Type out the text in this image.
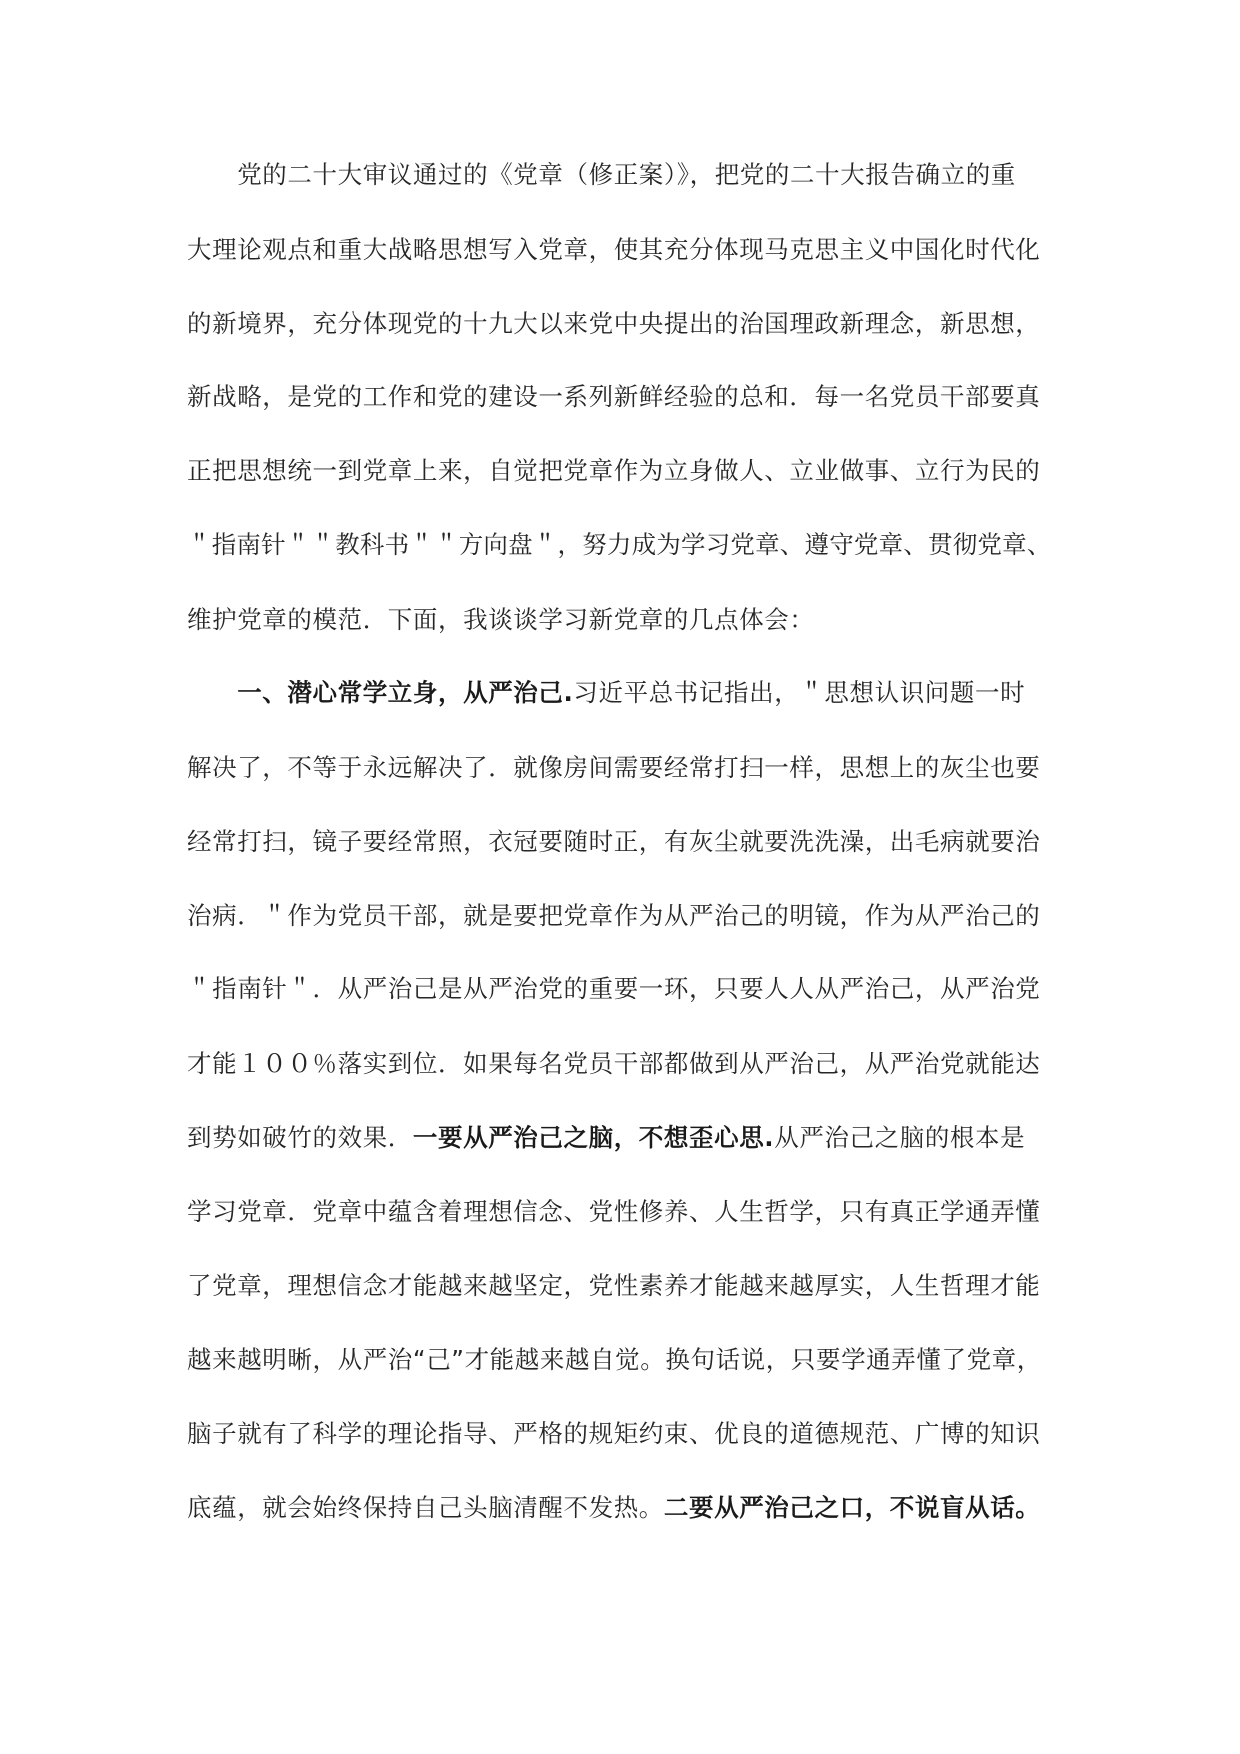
　　党的二十大审议通过的《党章（修正案）》，把党的二十大报告确立的重
大理论观点和重大战略思想写入党章，使其充分体现马克思主义中国化时代化
的新境界，充分体现党的十九大以来党中央提出的治国理政新理念，新思想，
新战略，是党的工作和党的建设一系列新鲜经验的总和．每一名党员干部要真
正把思想统一到党章上来，自觉把党章作为立身做人、立业做事、立行为民的
＂指南针＂＂教科书＂＂方向盘＂，努力成为学习党章、遵守党章、贯彻党章、
维护党章的模范．下面，我谈谈学习新党章的几点体会：
　　一、潜心常学立身，从严治己.习近平总书记指出，＂思想认识问题一时
解决了，不等于永远解决了．就像房间需要经常打扫一样，思想上的灰尘也要
经常打扫，镜子要经常照，衣冠要随时正，有灰尘就要洗洗澡，出毛病就要治
治病．＂作为党员干部，就是要把党章作为从严治己的明镜，作为从严治己的
＂指南针＂．从严治己是从严治党的重要一环，只要人人从严治己，从严治党
才能１００％落实到位．如果每名党员干部都做到从严治己，从严治党就能达
到势如破竹的效果．一要从严治己之脑，不想歪心思.从严治己之脑的根本是
学习党章．党章中蕴含着理想信念、党性修养、人生哲学，只有真正学通弄懂
了党章，理想信念才能越来越坚定，党性素养才能越来越厚实，人生哲理才能
越来越明晰，从严治“己”才能越来越自觉。换句话说，只要学通弄懂了党章，
脑子就有了科学的理论指导、严格的规矩约束、优良的道德规范、广博的知识
底蕴，就会始终保持自己头脑清醒不发热。二要从严治己之口，不说盲从话。
